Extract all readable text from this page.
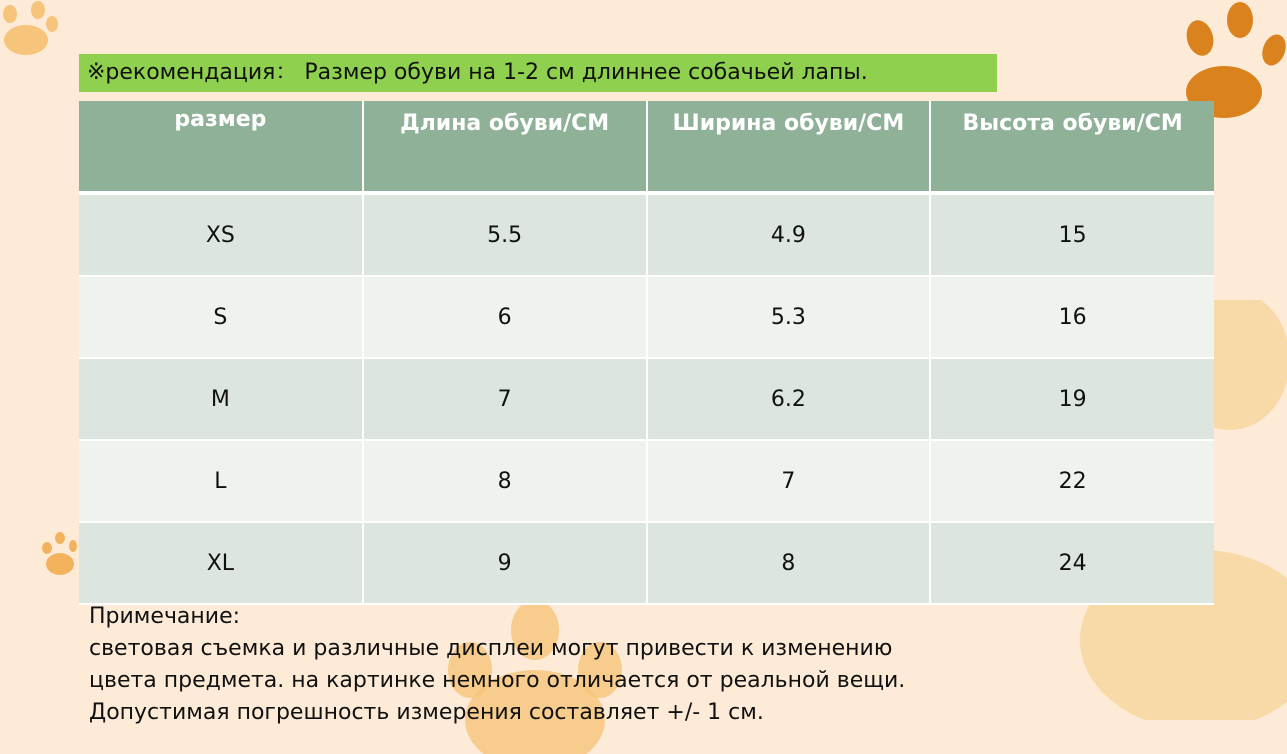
※рекомендация： Размер обуви на 1-2 см длиннее собачьей лапы.
размер	Длина обуви/CM	Ширина обуви/CM	Высота обуви/CM
XS	5.5	4.9	15
S	6	5.3	16
M	7	6.2	19
L	8	7	22
XL	9	8	24
Примечание:
световая съемка и различные дисплеи могут привести к изменению
цвета предмета. на картинке немного отличается от реальной вещи.
Допустимая погрешность измерения составляет +/- 1 см.
